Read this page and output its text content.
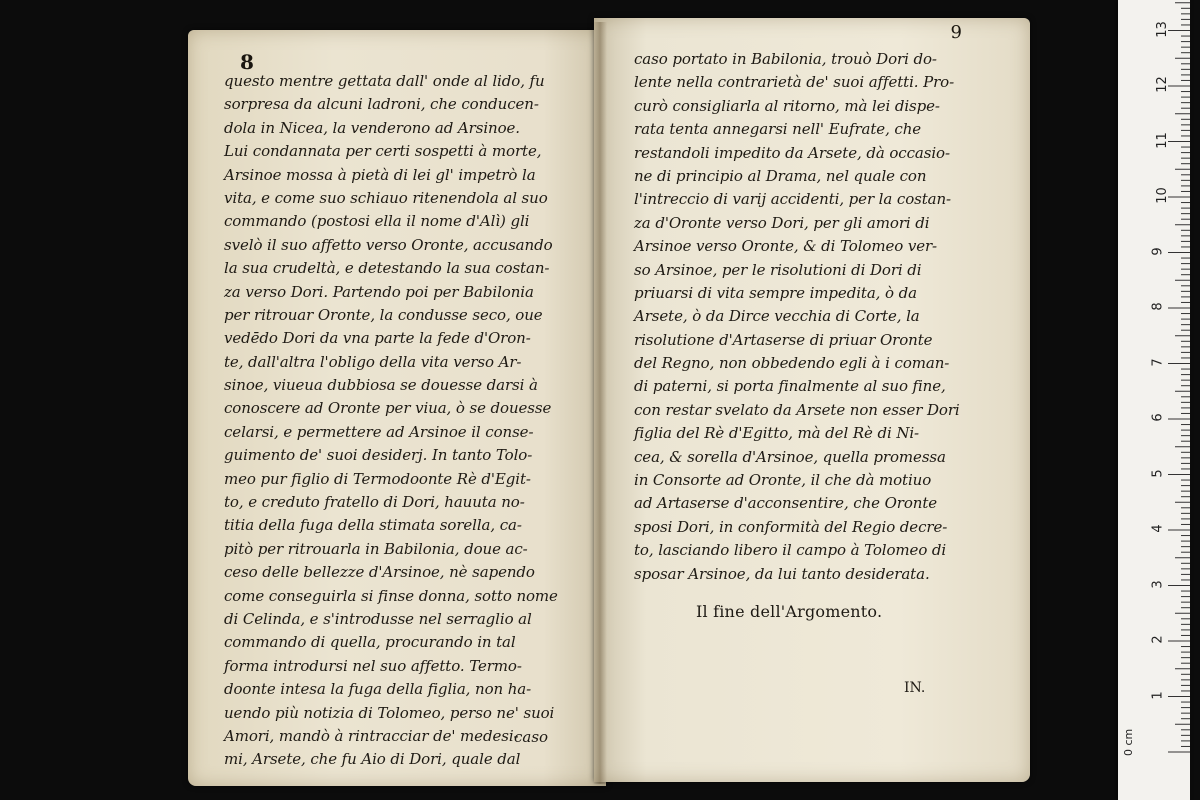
8
questo mentre gettata dall' onde al lido, fu
sorpresa da alcuni ladroni, che conducen-
dola in Nicea, la venderono ad Arsinoe.
Lui condannata per certi sospetti à morte,
Arsinoe mossa à pietà di lei gl' impetrò la
vita, e come suo schiauo ritenendola al suo
commando (postosi ella il nome d'Alì) gli
svelò il suo affetto verso Oronte, accusando
la sua crudeltà, e detestando la sua costan-
za verso Dori. Partendo poi per Babilonia
per ritrouar Oronte, la condusse seco, oue
vedēdo Dori da vna parte la fede d'Oron-
te, dall'altra l'obligo della vita verso Ar-
sinoe, viueua dubbiosa se douesse darsi à
conoscere ad Oronte per viua, ò se douesse
celarsi, e permettere ad Arsinoe il conse-
guimento de' suoi desiderj. In tanto Tolo-
meo pur figlio di Termodoonte Rè d'Egit-
to, e creduto fratello di Dori, hauuta no-
titia della fuga della stimata sorella, ca-
pitò per ritrouarla in Babilonia, doue ac-
ceso delle bellezze d'Arsinoe, nè sapendo
come conseguirla si finse donna, sotto nome
di Celinda, e s'introdusse nel serraglio al
commando di quella, procurando in tal
forma introdursi nel suo affetto. Termo-
doonte intesa la fuga della figlia, non ha-
uendo più notizia di Tolomeo, perso ne' suoi
Amori, mandò à rintracciar de' medesi-
mi, Arsete, che fu Aio di Dori, quale dal
caso
9
caso portato in Babilonia, trouò Dori do-
lente nella contrarietà de' suoi affetti. Pro-
curò consigliarla al ritorno, mà lei dispe-
rata tenta annegarsi nell' Eufrate, che
restandoli impedito da Arsete, dà occasio-
ne di principio al Drama, nel quale con
l'intreccio di varij accidenti, per la costan-
za d'Oronte verso Dori, per gli amori di
Arsinoe verso Oronte, & di Tolomeo ver-
so Arsinoe, per le risolutioni di Dori di
priuarsi di vita sempre impedita, ò da
Arsete, ò da Dirce vecchia di Corte, la
risolutione d'Artaserse di priuar Oronte
del Regno, non obbedendo egli à i coman-
di paterni, si porta finalmente al suo fine,
con restar svelato da Arsete non esser Dori
figlia del Rè d'Egitto, mà del Rè di Ni-
cea, & sorella d'Arsinoe, quella promessa
in Consorte ad Oronte, il che dà motiuo
ad Artaserse d'acconsentire, che Oronte
sposi Dori, in conformità del Regio decre-
to, lasciando libero il campo à Tolomeo di
sposar Arsinoe, da lui tanto desiderata.
Il fine dell'Argomento.
IN.
0 cm
1
2
3
4
5
6
7
8
9
10
11
12
13
